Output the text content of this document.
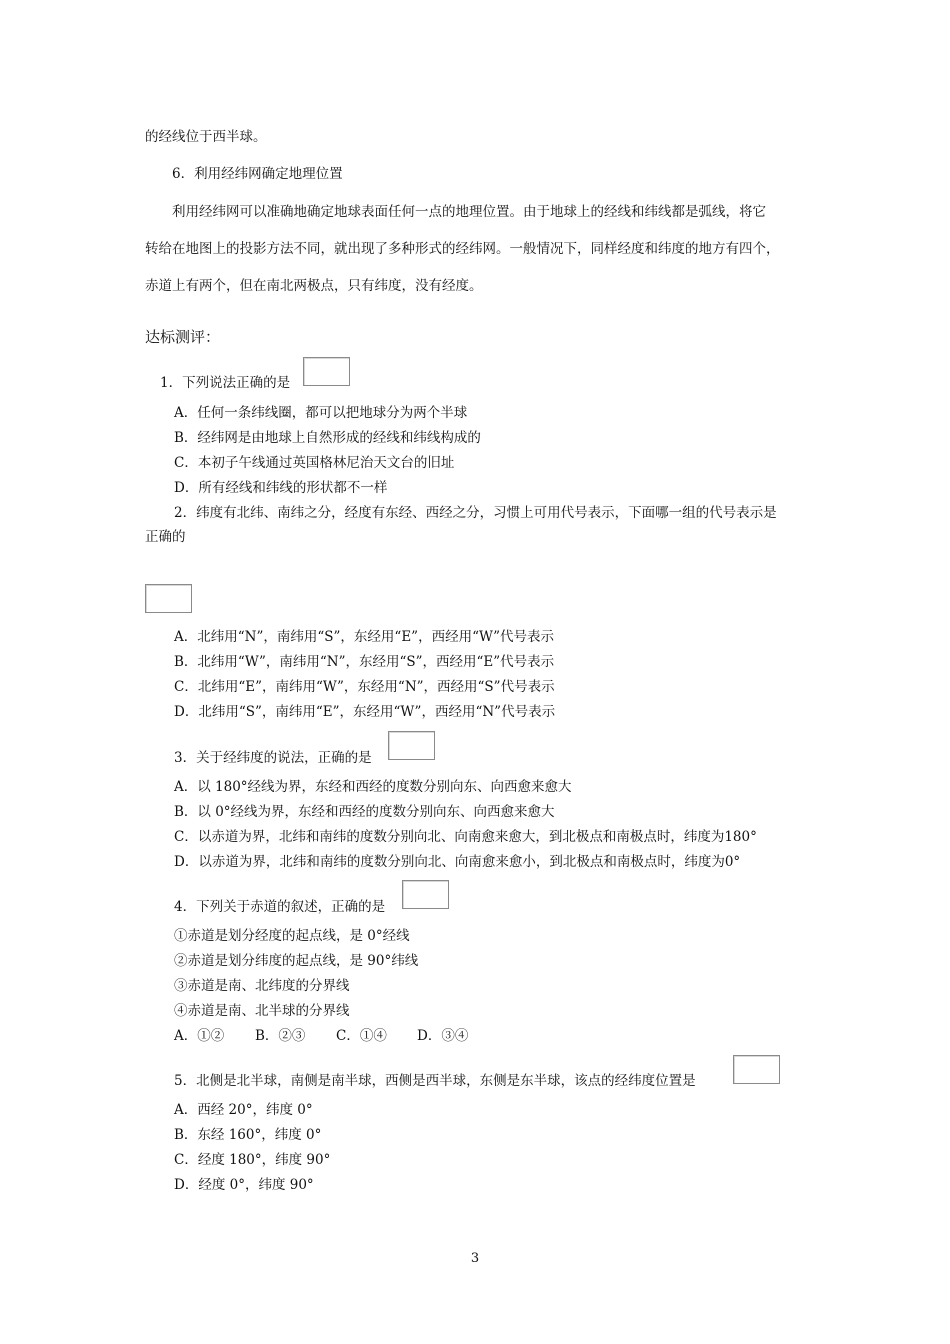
的经线位于西半球。
6．利用经纬网确定地理位置
利用经纬网可以准确地确定地球表面任何一点的地理位置。由于地球上的经线和纬线都是弧线，将它
转给在地图上的投影方法不同，就出现了多种形式的经纬网。一般情况下，同样经度和纬度的地方有四个，
赤道上有两个，但在南北两极点，只有纬度，没有经度。
达标测评：
1．下列说法正确的是
A．任何一条纬线圈，都可以把地球分为两个半球
B．经纬网是由地球上自然形成的经线和纬线构成的
C．本初子午线通过英国格林尼治天文台的旧址
D．所有经线和纬线的形状都不一样
2．纬度有北纬、南纬之分，经度有东经、西经之分，习惯上可用代号表示，下面哪一组的代号表示是
正确的
A．北纬用“N”，南纬用“S”，东经用“E”，西经用“W”代号表示
B．北纬用“W”，南纬用“N”，东经用“S”，西经用“E”代号表示
C．北纬用“E”，南纬用“W”，东经用“N”，西经用“S”代号表示
D．北纬用“S”，南纬用“E”，东经用“W”，西经用“N”代号表示
3．关于经纬度的说法，正确的是
A．以 180°经线为界，东经和西经的度数分别向东、向西愈来愈大
B．以 0°经线为界，东经和西经的度数分别向东、向西愈来愈大
C．以赤道为界，北纬和南纬的度数分别向北、向南愈来愈大，到北极点和南极点时，纬度为180°
D．以赤道为界，北纬和南纬的度数分别向北、向南愈来愈小，到北极点和南极点时，纬度为0°
4．下列关于赤道的叙述，正确的是
①赤道是划分经度的起点线，是 0°经线
②赤道是划分纬度的起点线，是 90°纬线
③赤道是南、北纬度的分界线
④赤道是南、北半球的分界线
A．①② B．②③ C．①④ D．③④
5．北侧是北半球，南侧是南半球，西侧是西半球，东侧是东半球，该点的经纬度位置是
A．西经 20°，纬度 0°
B．东经 160°，纬度 0°
C．经度 180°，纬度 90°
D．经度 0°，纬度 90°
3
